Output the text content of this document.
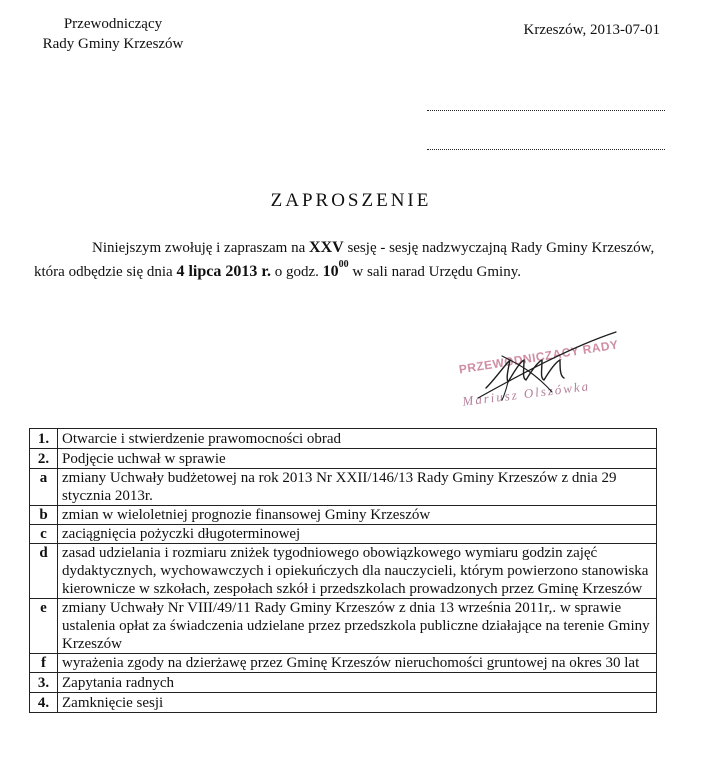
Przewodniczący
Rady Gminy Krzeszów
Krzeszów, 2013-07-01
ZAPROSZENIE

Niniejszym zwołuję i zapraszam na XXV sesję - sesję nadzwyczajną Rady Gminy Krzeszów, która odbędzie się dnia 4 lipca 2013 r. o godz. $10^{00}$ w sali narad Urzędu Gminy.

PRZEWODNICZĄCY RADY
Mariusz Olszówka
1.	Otwarcie i stwierdzenie prawomocności obrad
2.	Podjęcie uchwał w sprawie
a	zmiany Uchwały budżetowej na rok 2013 Nr XXII/146/13 Rady Gminy Krzeszów z dnia 29 stycznia 2013r.
b	zmian w wieloletniej prognozie finansowej Gminy Krzeszów
c	zaciągnięcia pożyczki długoterminowej
d	zasad udzielania i rozmiaru zniżek tygodniowego obowiązkowego wymiaru godzin zajęć dydaktycznych, wychowawczych i opiekuńczych dla nauczycieli, którym powierzono stanowiska kierownicze w szkołach, zespołach szkół i przedszkolach prowadzonych przez Gminę Krzeszów
e	zmiany Uchwały Nr VIII/49/11 Rady Gminy Krzeszów z dnia 13 września 2011r,. w sprawie ustalenia opłat za świadczenia udzielane przez przedszkola publiczne działające na terenie Gminy Krzeszów
f	wyrażenia zgody na dzierżawę przez Gminę Krzeszów nieruchomości gruntowej na okres 30 lat
3.	Zapytania radnych
4.	Zamknięcie sesji
